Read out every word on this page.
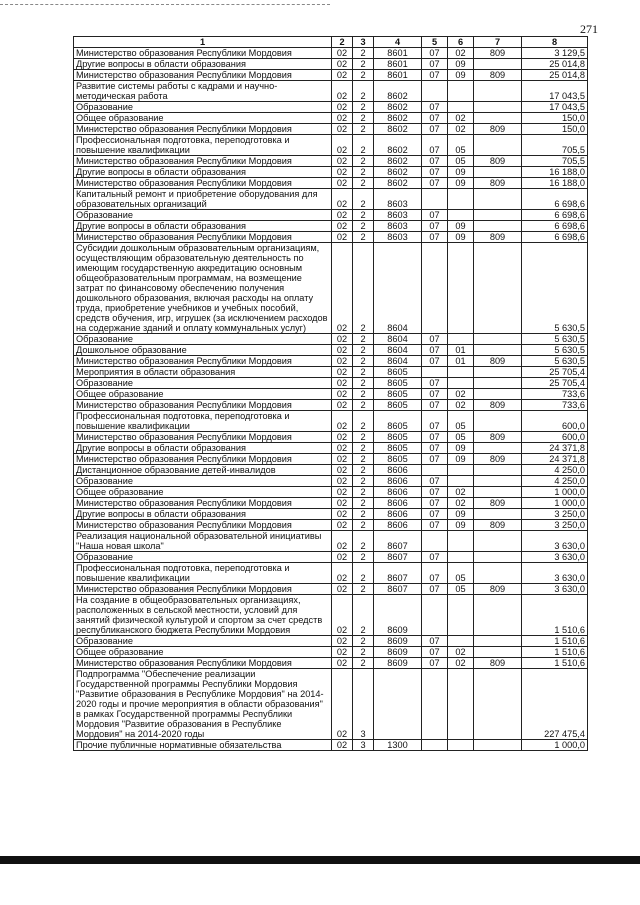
271
1	2	3	4	5	6	7	8
Министерство образования Республики Мордовия	02	2	8601	07	02	809	3 129,5
Другие вопросы в области образования	02	2	8601	07	09		25 014,8
Министерство образования Республики Мордовия	02	2	8601	07	09	809	25 014,8
Развитие системы работы с кадрами и научно-методическая работа	02	2	8602				17 043,5
Образование	02	2	8602	07			17 043,5
Общее образование	02	2	8602	07	02		150,0
Министерство образования Республики Мордовия	02	2	8602	07	02	809	150,0
Профессиональная подготовка, переподготовка и повышение квалификации	02	2	8602	07	05		705,5
Министерство образования Республики Мордовия	02	2	8602	07	05	809	705,5
Другие вопросы в области образования	02	2	8602	07	09		16 188,0
Министерство образования Республики Мордовия	02	2	8602	07	09	809	16 188,0
Капитальный ремонт и приобретение оборудования для образовательных организаций	02	2	8603				6 698,6
Образование	02	2	8603	07			6 698,6
Другие вопросы в области образования	02	2	8603	07	09		6 698,6
Министерство образования Республики Мордовия	02	2	8603	07	09	809	6 698,6
Субсидии дошкольным образовательным организациям, осуществляющим образовательную деятельность по имеющим государственную аккредитацию основным общеобразовательным программам, на возмещение затрат по финансовому обеспечению получения дошкольного образования, включая расходы на оплату труда, приобретение учебников и учебных пособий, средств обучения, игр, игрушек (за исключением расходов на содержание зданий и оплату коммунальных услуг)	02	2	8604				5 630,5
Образование	02	2	8604	07			5 630,5
Дошкольное образование	02	2	8604	07	01		5 630,5
Министерство образования Республики Мордовия	02	2	8604	07	01	809	5 630,5
Мероприятия в области образования	02	2	8605				25 705,4
Образование	02	2	8605	07			25 705,4
Общее образование	02	2	8605	07	02		733,6
Министерство образования Республики Мордовия	02	2	8605	07	02	809	733,6
Профессиональная подготовка, переподготовка и повышение квалификации	02	2	8605	07	05		600,0
Министерство образования Республики Мордовия	02	2	8605	07	05	809	600,0
Другие вопросы в области образования	02	2	8605	07	09		24 371,8
Министерство образования Республики Мордовия	02	2	8605	07	09	809	24 371,8
Дистанционное образование детей-инвалидов	02	2	8606				4 250,0
Образование	02	2	8606	07			4 250,0
Общее образование	02	2	8606	07	02		1 000,0
Министерство образования Республики Мордовия	02	2	8606	07	02	809	1 000,0
Другие вопросы в области образования	02	2	8606	07	09		3 250,0
Министерство образования Республики Мордовия	02	2	8606	07	09	809	3 250,0
Реализация национальной образовательной инициативы "Наша новая школа"	02	2	8607				3 630,0
Образование	02	2	8607	07			3 630,0
Профессиональная подготовка, переподготовка и повышение квалификации	02	2	8607	07	05		3 630,0
Министерство образования Республики Мордовия	02	2	8607	07	05	809	3 630,0
На создание в общеобразовательных организациях, расположенных в сельской местности, условий для занятий физической культурой и спортом за счет средств республиканского бюджета Республики Мордовия	02	2	8609				1 510,6
Образование	02	2	8609	07			1 510,6
Общее образование	02	2	8609	07	02		1 510,6
Министерство образования Республики Мордовия	02	2	8609	07	02	809	1 510,6
Подпрограмма "Обеспечение реализации Государственной программы Республики Мордовия "Развитие образования в Республике Мордовия" на 2014-2020 годы и прочие мероприятия в области образования" в рамках Государственной программы Республики Мордовия "Развитие образования в Республике Мордовия" на 2014-2020 годы	02	3					227 475,4
Прочие публичные нормативные обязательства	02	3	1300				1 000,0
